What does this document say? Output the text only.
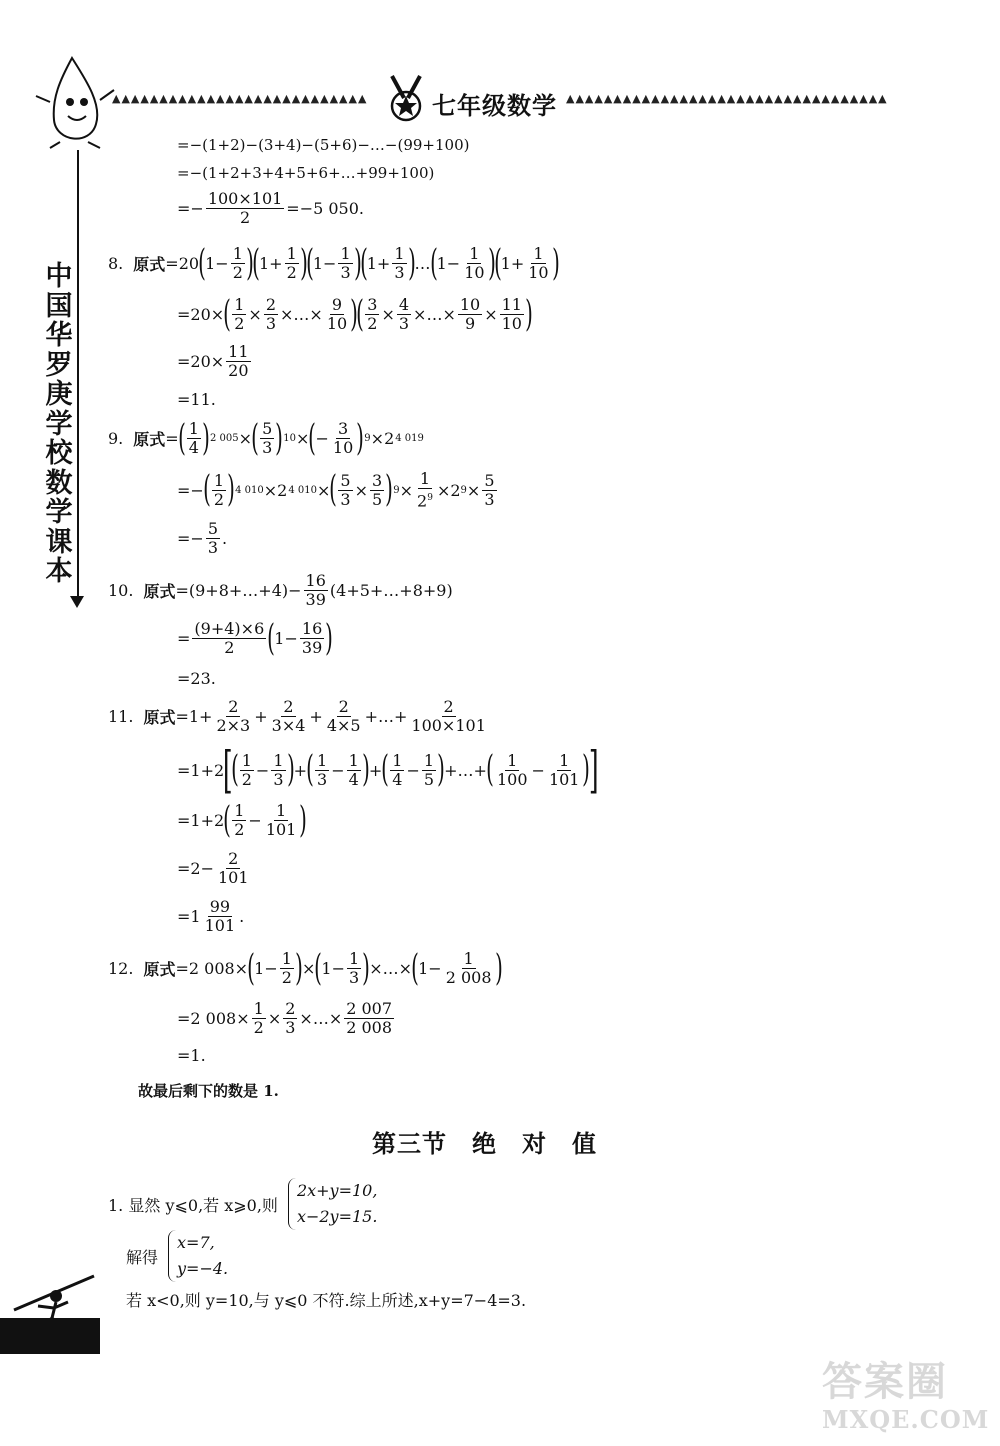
▲▲▲▲▲▲▲▲▲▲▲▲▲▲▲▲▲▲▲▲▲▲▲▲▲▲▲	七年级数学 ▲▲▲▲▲▲▲▲▲▲▲▲▲▲▲▲▲▲▲▲▲▲▲▲▲▲▲▲▲▲▲▲▲▲
中国华罗庚学校数学课本
=−(1+2)−(3+4)−(5+6)−…−(99+100)
=−(1+2+3+4+5+6+…+99+100)
=− $\frac{100\times 101}{2} =-5$ 050.
8. 原式 =20 ( 1−
1
2 )
( 1+
1
2 )
( 1−
1
3 )
( 1+
1
3 ) … ( 1−
1
10 )
( 1+
1
10 )
=20× ( 1
2 ×
2
3 ×…×
9
10 )
( 3
2 ×
4
3 ×…×
10
9 ×
11
10 )
$=20\times \frac{11}{20}$
=11.
9. 原式 = ( 1
4 ) 2 005 × ( 5
3 ) 10 × ( −
3
10 ) 9 ×2 4 019
=− ( 1
2 ) 4 010 ×2 4 010 × ( 5
3 ×
3
5 ) 9 ×
1
$2^9 \times 2$ 9 ×
5
3
=− $\frac{5}{3}$ .
10. 原式 =(9+8+…+4)− $\frac{16}{39}$ (4+5+…+8+9)
=
(9+4)×6
2 ( 1−
16
39 )
=23.
11. 原式 =1+
2
2×3 +
2
3×4 +
2
4×5 +…+
2
100×101
=1+2
[
( 1
2 −
1
3 ) + ( 1
3 −
1
4 ) + ( 1
4 −
1
5 ) +…+ ( 1
100 −
1
101 )
]
=1+2 ( 1
2 −
1
101 )
$=2- \frac{2}{101}$
=1
99
101 .
12. 原式 =2 008× ( 1−
1
2 ) × ( 1−
1
3 ) ×…× ( 1−
1
2 008 )
=2 $008\times \frac{1}{2}$ ×
2
3 ×…×
2 007
2 008
=1.
故最后剩下的数是 1.
第三节　绝　对　值
1. 显然 y⩽0,若 x⩾0,则
2x+y=10,
x−2y=15.
解得
x=7,
y=−4.
若 x<0,则 y=10,与 y⩽0 不符.综上所述,x+y=7−4=3.
答案圈
MXQE.COM
